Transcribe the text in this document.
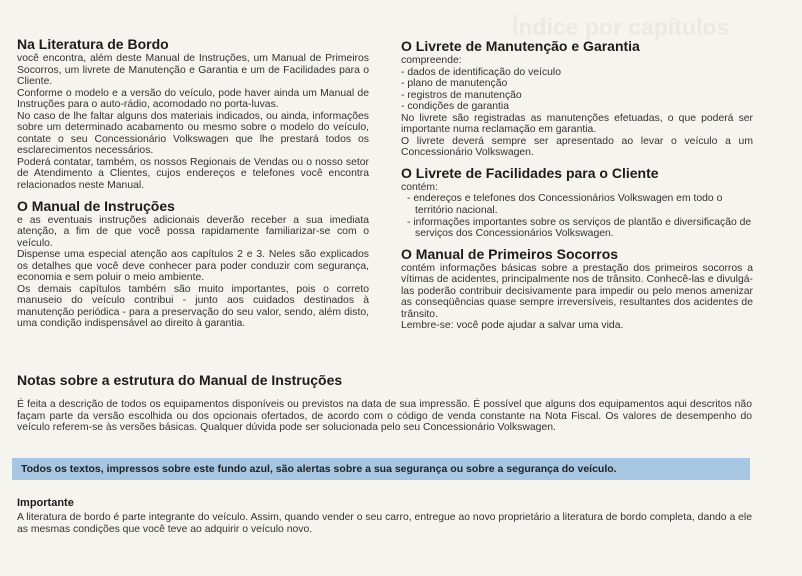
Índice por capítulos
Na Literatura de Bordo

você encontra, além deste Manual de Instruções, um Manual de Primeiros Socorros, um livrete de Manutenção e Garantia e um de Facilidades para o Cliente.

Conforme o modelo e a versão do veículo, pode haver ainda um Manual de Instruções para o auto-rádio, acomodado no porta-luvas.

No caso de lhe faltar alguns dos materiais indicados, ou ainda, informações sobre um determinado acabamento ou mesmo sobre o modelo do veículo, contate o seu Concessionário Volkswagen que lhe prestará todos os esclarecimentos necessários.

Poderá contatar, também, os nossos Regionais de Vendas ou o nosso setor de Atendimento a Clientes, cujos endereços e telefones você encontra relacionados neste Manual.

O Manual de Instruções

e as eventuais instruções adicionais deverão receber a sua imediata atenção, a fim de que você possa rapidamente familiarizar-se com o veículo.

Dispense uma especial atenção aos capítulos 2 e 3. Neles são explicados os detalhes que você deve conhecer para poder conduzir com segurança, economia e sem poluir o meio ambiente.

Os demais capítulos também são muito importantes, pois o correto manuseio do veículo contribui - junto aos cuidados destinados à manutenção periódica - para a preservação do seu valor, sendo, além disto, uma condição indispensável ao direito à garantia.

O Livrete de Manutenção e Garantia

compreende:

- dados de identificação do veículo
- plano de manutenção
- registros de manutenção
- condições de garantia

No livrete são registradas as manutenções efetuadas, o que poderá ser importante numa reclamação em garantia.

O livrete deverá sempre ser apresentado ao levar o veículo a um Concessionário Volkswagen.

O Livrete de Facilidades para o Cliente

contém:

- endereços e telefones dos Concessionários Volkswagen em todo o território nacional.
- informações importantes sobre os serviços de plantão e diversificação de serviços dos Concessionários Volkswagen.
O Manual de Primeiros Socorros

contém informações básicas sobre a prestação dos primeiros socorros a vítimas de acidentes, principalmente nos de trânsito. Conhecê-las e divulgá-las poderão contribuir decisivamente para impedir ou pelo menos amenizar as conseqüências quase sempre irreversíveis, resultantes dos acidentes de trânsito.

Lembre-se: você pode ajudar a salvar uma vida.

Notas sobre a estrutura do Manual de Instruções

É feita a descrição de todos os equipamentos disponíveis ou previstos na data de sua impressão. É possível que alguns dos equipamentos aqui descritos não façam parte da versão escolhida ou dos opcionais ofertados, de acordo com o código de venda constante na Nota Fiscal. Os valores de desempenho do veículo referem-se às versões básicas. Qualquer dúvida pode ser solucionada pelo seu Concessionário Volkswagen.

Todos os textos, impressos sobre este fundo azul, são alertas sobre a sua segurança ou sobre a segurança do veículo.
Importante

A literatura de bordo é parte integrante do veículo. Assim, quando vender o seu carro, entregue ao novo proprietário a literatura de bordo completa, dando a ele as mesmas condições que você teve ao adquirir o veículo novo.
